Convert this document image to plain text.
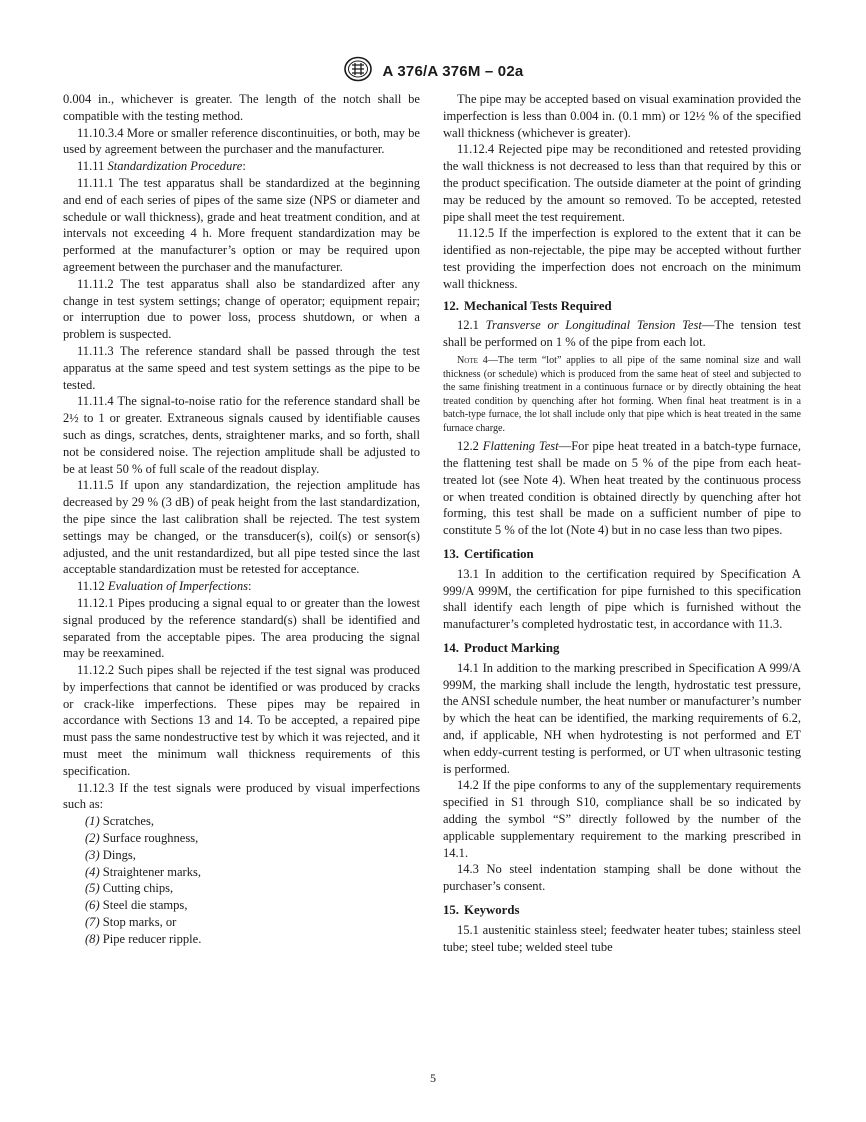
A 376/A 376M – 02a

0.004 in., whichever is greater. The length of the notch shall be compatible with the testing method.

11.10.3.4 More or smaller reference discontinuities, or both, may be used by agreement between the purchaser and the manufacturer.

11.11 Standardization Procedure:

11.11.1 The test apparatus shall be standardized at the beginning and end of each series of pipes of the same size (NPS or diameter and schedule or wall thickness), grade and heat treatment condition, and at intervals not exceeding 4 h. More frequent standardization may be performed at the manufacturer’s option or may be required upon agreement between the purchaser and the manufacturer.

11.11.2 The test apparatus shall also be standardized after any change in test system settings; change of operator; equipment repair; or interruption due to power loss, process shutdown, or when a problem is suspected.

11.11.3 The reference standard shall be passed through the test apparatus at the same speed and test system settings as the pipe to be tested.

11.11.4 The signal-to-noise ratio for the reference standard shall be 2½ to 1 or greater. Extraneous signals caused by identifiable causes such as dings, scratches, dents, straightener marks, and so forth, shall not be considered noise. The rejection amplitude shall be adjusted to be at least 50 % of full scale of the readout display.

11.11.5 If upon any standardization, the rejection amplitude has decreased by 29 % (3 dB) of peak height from the last standardization, the pipe since the last calibration shall be rejected. The test system settings may be changed, or the transducer(s), coil(s) or sensor(s) adjusted, and the unit restandardized, but all pipe tested since the last acceptable standardization must be retested for acceptance.

11.12 Evaluation of Imperfections:

11.12.1 Pipes producing a signal equal to or greater than the lowest signal produced by the reference standard(s) shall be identified and separated from the acceptable pipes. The area producing the signal may be reexamined.

11.12.2 Such pipes shall be rejected if the test signal was produced by imperfections that cannot be identified or was produced by cracks or crack-like imperfections. These pipes may be repaired in accordance with Sections 13 and 14. To be accepted, a repaired pipe must pass the same nondestructive test by which it was rejected, and it must meet the minimum wall thickness requirements of this specification.

11.12.3 If the test signals were produced by visual imperfections such as:

(1) Scratches,
(2) Surface roughness,
(3) Dings,
(4) Straightener marks,
(5) Cutting chips,
(6) Steel die stamps,
(7) Stop marks, or
(8) Pipe reducer ripple.

The pipe may be accepted based on visual examination provided the imperfection is less than 0.004 in. (0.1 mm) or 12½ % of the specified wall thickness (whichever is greater).

11.12.4 Rejected pipe may be reconditioned and retested providing the wall thickness is not decreased to less than that required by this or the product specification. The outside diameter at the point of grinding may be reduced by the amount so removed. To be accepted, retested pipe shall meet the test requirement.

11.12.5 If the imperfection is explored to the extent that it can be identified as non-rejectable, the pipe may be accepted without further test providing the imperfection does not encroach on the minimum wall thickness.

12. Mechanical Tests Required

12.1 Transverse or Longitudinal Tension Test—The tension test shall be performed on 1 % of the pipe from each lot.

Note 4—The term “lot” applies to all pipe of the same nominal size and wall thickness (or schedule) which is produced from the same heat of steel and subjected to the same finishing treatment in a continuous furnace or by directly obtaining the heat treated condition by quenching after hot forming. When final heat treatment is in a batch-type furnace, the lot shall include only that pipe which is heat treated in the same furnace charge.

12.2 Flattening Test—For pipe heat treated in a batch-type furnace, the flattening test shall be made on 5 % of the pipe from each heat-treated lot (see Note 4). When heat treated by the continuous process or when treated condition is obtained directly by quenching after hot forming, this test shall be made on a sufficient number of pipe to constitute 5 % of the lot (Note 4) but in no case less than two pipes.

13. Certification

13.1 In addition to the certification required by Specification A 999/A 999M, the certification for pipe furnished to this specification shall identify each length of pipe which is furnished without the manufacturer’s completed hydrostatic test, in accordance with 11.3.

14. Product Marking

14.1 In addition to the marking prescribed in Specification A 999/A 999M, the marking shall include the length, hydrostatic test pressure, the ANSI schedule number, the heat number or manufacturer’s number by which the heat can be identified, the marking requirements of 6.2, and, if applicable, NH when hydrotesting is not performed and ET when eddy-current testing is performed, or UT when ultrasonic testing is performed.

14.2 If the pipe conforms to any of the supplementary requirements specified in S1 through S10, compliance shall be so indicated by adding the symbol “S” directly followed by the number of the applicable supplementary requirement to the marking prescribed in 14.1.

14.3 No steel indentation stamping shall be done without the purchaser’s consent.

15. Keywords

15.1 austenitic stainless steel; feedwater heater tubes; stainless steel tube; steel tube; welded steel tube

5
